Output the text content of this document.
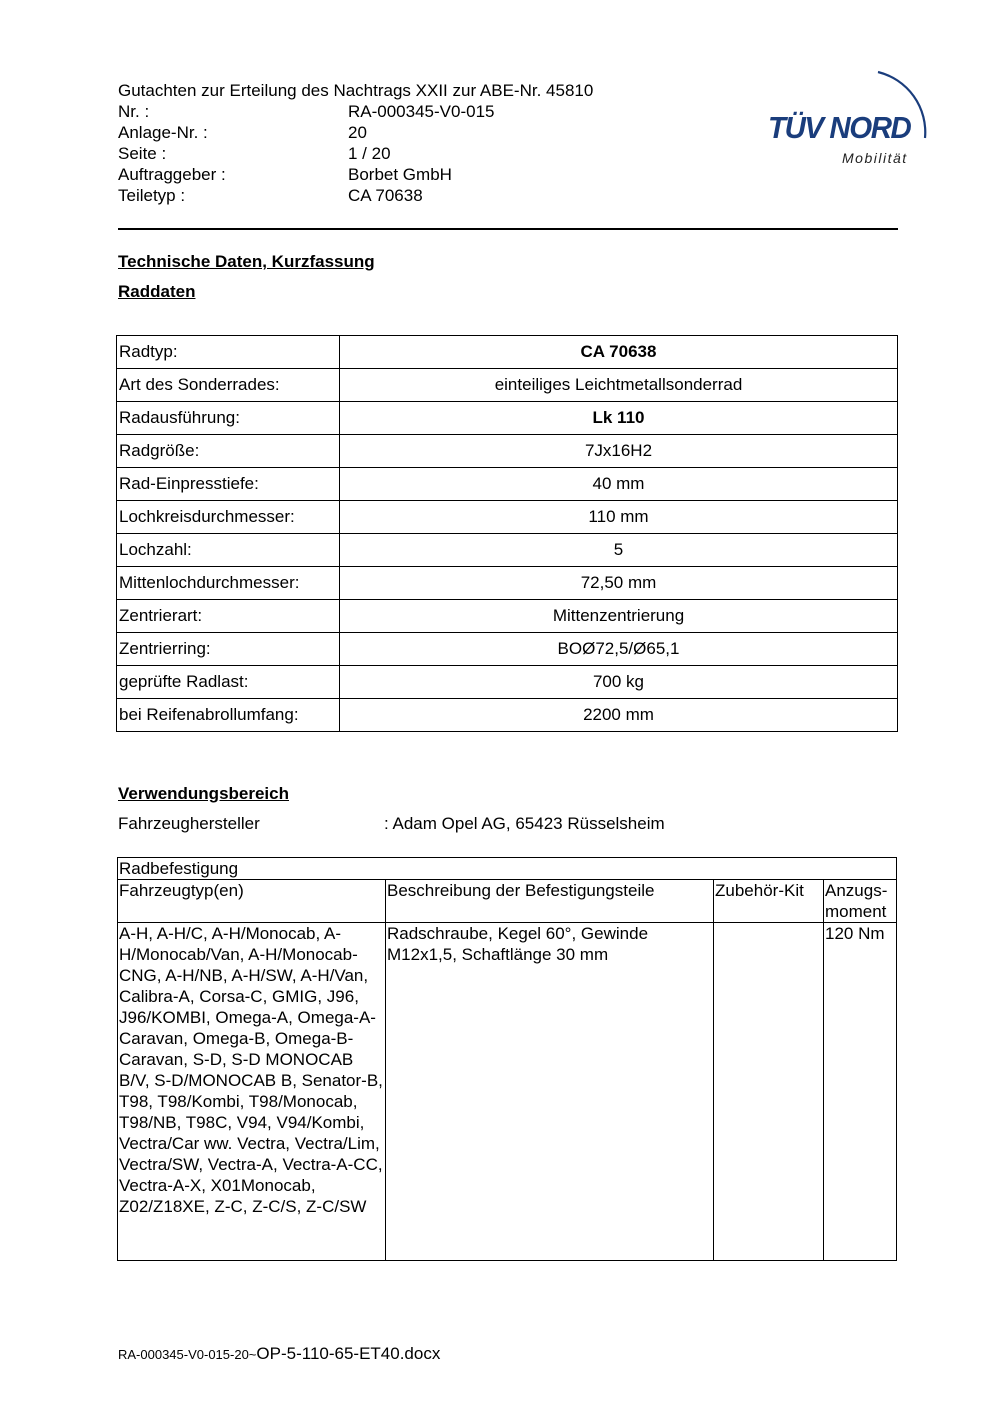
Gutachten zur Erteilung des Nachtrags XXII zur ABE-Nr. 45810
Nr. :	RA-000345-V0-015
Anlage-Nr. :	20
Seite :	1 / 20
Auftraggeber :	Borbet GmbH
Teiletyp :	CA 70638
TÜV NORD
Mobilität
Technische Daten, Kurzfassung
Raddaten
Radtyp:	CA 70638
Art des Sonderrades:	einteiliges Leichtmetallsonderrad
Radausführung:	Lk 110
Radgröße:	7Jx16H2
Rad-Einpresstiefe:	40 mm
Lochkreisdurchmesser:	110 mm
Lochzahl:	5
Mittenlochdurchmesser:	72,50 mm
Zentrierart:	Mittenzentrierung
Zentrierring:	BOØ72,5/Ø65,1
geprüfte Radlast:	700 kg
bei Reifenabrollumfang:	2200 mm
Verwendungsbereich
Fahrzeughersteller	: Adam Opel AG, 65423 Rüsselsheim
Radbefestigung			
Fahrzeugtyp(en)	Beschreibung der Befestigungsteile	Zubehör-Kit	Anzugs-
moment
A-H, A-H/C, A-H/Monocab, A-H/Monocab/Van, A-H/Monocab-CNG, A-H/NB, A-H/SW, A-H/Van, Calibra-A, Corsa-C, GMIG, J96, J96/KOMBI, Omega-A, Omega-A-Caravan, Omega-B, Omega-B-Caravan, S-D, S-D MONOCAB B/V, S-D/MONOCAB B, Senator-B, T98, T98/Kombi, T98/Monocab, T98/NB, T98C, V94, V94/Kombi, Vectra/Car ww. Vectra, Vectra/Lim, Vectra/SW, Vectra-A, Vectra-A-CC, Vectra-A-X, X01Monocab, Z02/Z18XE, Z-C, Z-C/S, Z-C/SW	Radschraube, Kegel 60°, Gewinde M12x1,5, Schaftlänge 30 mm		120 Nm
RA-000345-V0-015-20~OP-5-110-65-ET40.docx
